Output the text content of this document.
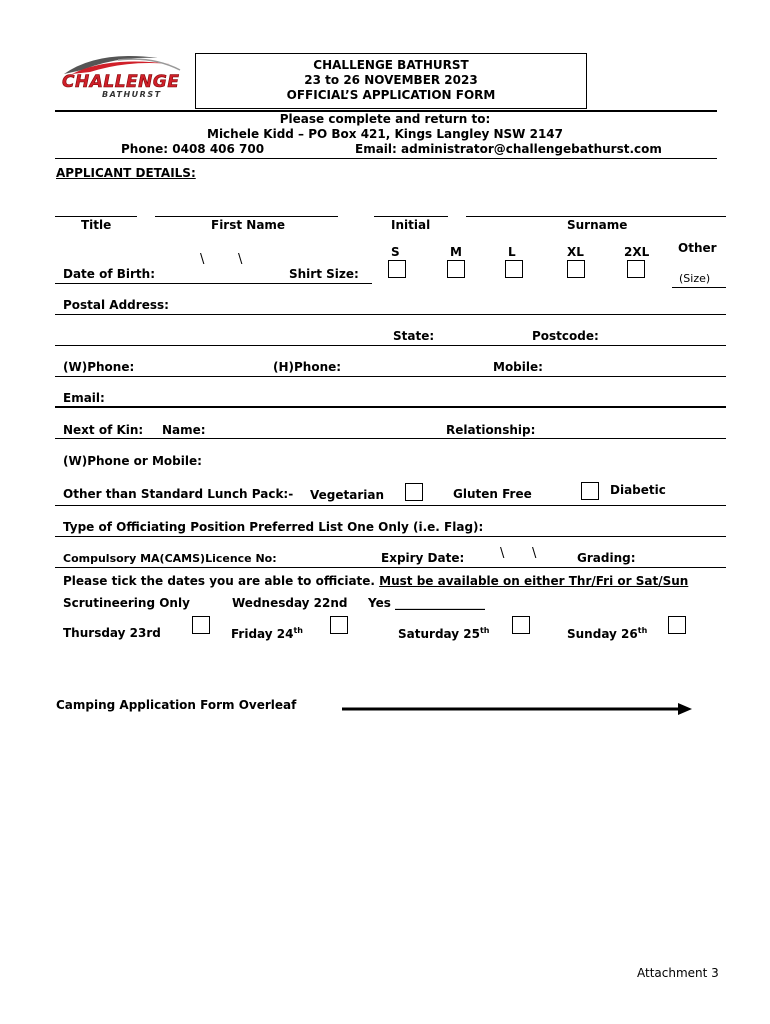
CHALLENGE
BATHURST
CHALLENGE BATHURST
23 to 26 NOVEMBER 2023
OFFICIAL’S APPLICATION FORM
Please complete and return to:
Michele Kidd – PO Box 421, Kings Langley NSW 2147
Phone: 0408 406 700	Email: administrator@challengebathurst.com
APPLICANT DETAILS:
Title	First Name	Initial	Surname
S	M	L	XL	2XL Other
(Size)
Date of Birth:
\	\
Shirt Size:
Postal Address:
State:	Postcode:
(W)Phone:	(H)Phone:	Mobile:
Email:
Next of Kin: Name:	Relationship:
(W)Phone or Mobile:
Other than Standard Lunch Pack:- Vegetarian	Gluten Free	Diabetic
Type of Officiating Position Preferred List One Only (i.e. Flag):
Compulsory MA(CAMS)Licence No:	Expiry Date:	\ \	Grading:
Please tick the dates you are able to officiate. Must be available on either Thr/Fri or Sat/Sun
Scrutineering Only	Wednesday 22nd Yes _______________
Thursday 23rd	Friday 24th	Saturday 25th	Sunday 26th
Camping Application Form Overleaf
Attachment 3
